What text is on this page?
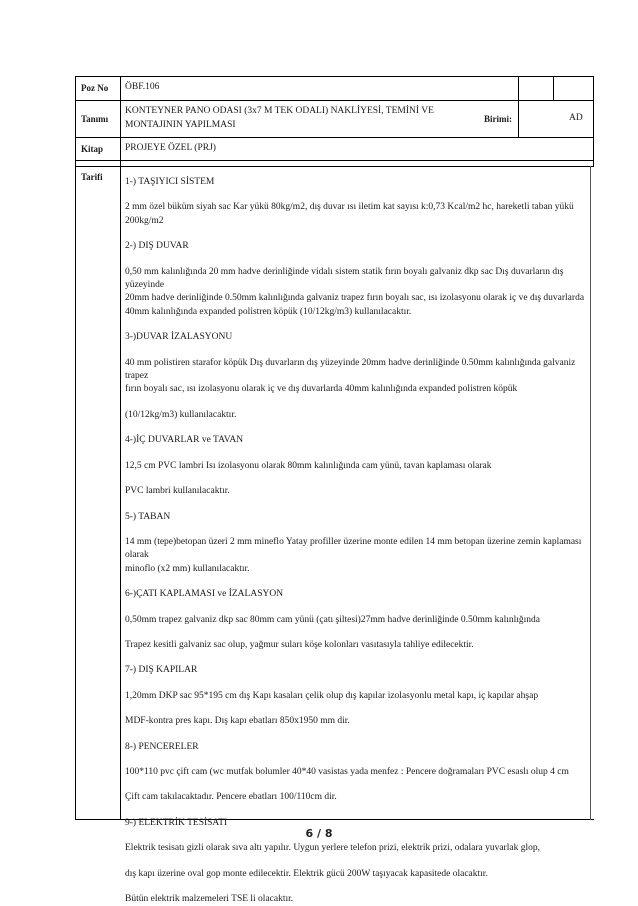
Poz No ÖBF.106
Tanımı
KONTEYNER PANO ODASI (3x7 M TEK ODALI) NAKLİYESİ, TEMİNİ VE
MONTAJININ YAPILMASI
Birimi:	AD
Kitap PROJEYE ÖZEL (PRJ)
Tarifi 1-) TAŞIYICI SİSTEM

2 mm özel büküm siyah sac Kar yükü 80kg/m2, dış duvar ısı iletim kat sayısı k:0,73 Kcal/m2 hc, hareketli taban yükü

200kg/m2

2-) DIŞ DUVAR

0,50 mm kalınlığında 20 mm hadve derinliğinde vidalı sistem statik fırın boyalı galvaniz dkp sac Dış duvarların dış yüzeyinde

20mm hadve derinliğinde 0.50mm kalınlığında galvaniz trapez fırın boyalı sac, ısı izolasyonu olarak iç ve dış duvarlarda

40mm kalınlığında expanded polistren köpük (10/12kg/m3) kullanılacaktır.

3-)DUVAR İZALASYONU

40 mm polistiren starafor köpük Dış duvarların dış yüzeyinde 20mm hadve derinliğinde 0.50mm kalınlığında galvaniz trapez

fırın boyalı sac, ısı izolasyonu olarak iç ve dış duvarlarda 40mm kalınlığında expanded polistren köpük

(10/12kg/m3) kullanılacaktır.

4-)İÇ DUVARLAR ve TAVAN

12,5 cm PVC lambri Isı izolasyonu olarak 80mm kalınlığında cam yünü, tavan kaplaması olarak

PVC lambri kullanılacaktır.

5-) TABAN

14 mm (tepe)betopan üzeri 2 mm mineflo Yatay profiller üzerine monte edilen 14 mm betopan üzerine zemin kaplaması olarak

minoflo (x2 mm) kullanılacaktır.

6-)ÇATI KAPLAMASI ve İZALASYON

0,50mm trapez galvaniz dkp sac 80mm cam yünü (çatı şiltesi)27mm hadve derinliğinde 0.50mm kalınlığında

Trapez kesitli galvaniz sac olup, yağmur suları köşe kolonları vasıtasıyla tahliye edilecektir.

7-) DIŞ KAPILAR

1,20mm DKP sac 95*195 cm dış Kapı kasaları çelik olup dış kapılar izolasyonlu metal kapı, iç kapılar ahşap

MDF-kontra pres kapı. Dış kapı ebatları 850x1950 mm dir.

8-) PENCERELER

100*110 pvc çift cam (wc mutfak bolumler 40*40 vasistas yada menfez : Pencere doğramaları PVC esaslı olup 4 cm

Çift cam takılacaktadır. Pencere ebatları 100/110cm dir.

9-) ELEKTRİK TESİSATI

Elektrik tesisatı gizli olarak sıva altı yapılır. Uygun yerlere telefon prizi, elektrik prizi, odalara yuvarlak glop,

dış kapı üzerine oval gop monte edilecektir. Elektrik gücü 200W taşıyacak kapasitede olacaktır.

Bütün elektrik malzemeleri TSE li olacaktır.

6 / 8
